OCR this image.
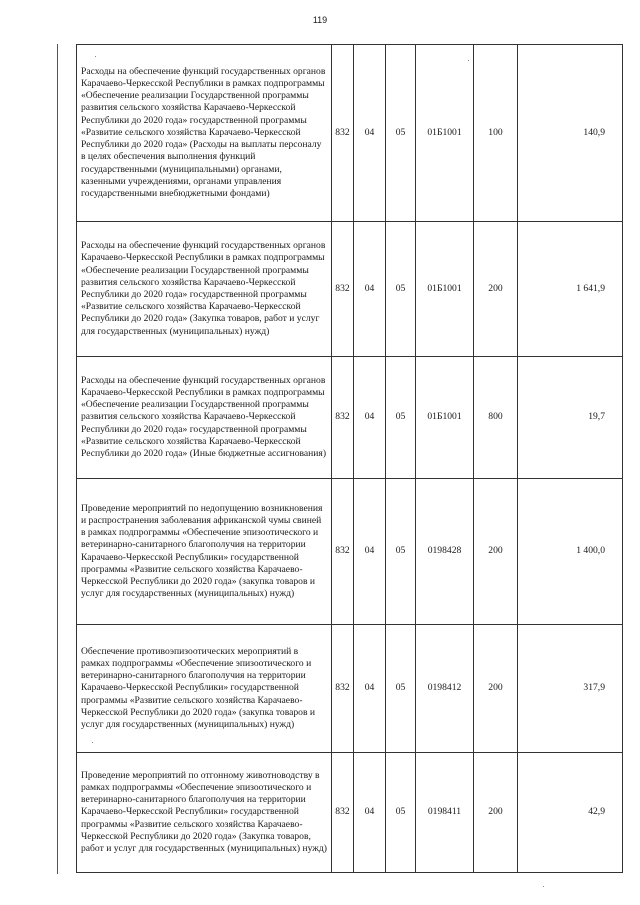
119
Расходы на обеспечение функций государственных органов Карачаево-Черкесской Республики в рамках подпрограммы «Обеспечение реализации Государственной программы развития сельского хозяйства Карачаево-Черкесской Республики до 2020 года» государственной программы «Развитие сельского хозяйства Карачаево-Черкесской Республики до 2020 года» (Расходы на выплаты персоналу в целях обеспечения выполнения функций государственными (муниципальными) органами, казенными учреждениями, органами управления государственными внебюджетными фондами)	832	04	05	01Б1001	100	140,9
Расходы на обеспечение функций государственных органов Карачаево-Черкесской Республики в рамках подпрограммы «Обеспечение реализации Государственной программы развития сельского хозяйства Карачаево-Черкесской Республики до 2020 года» государственной программы «Развитие сельского хозяйства Карачаево-Черкесской Республики до 2020 года» (Закупка товаров, работ и услуг для государственных (муниципальных) нужд)	832	04	05	01Б1001	200	1 641,9
Расходы на обеспечение функций государственных органов Карачаево-Черкесской Республики в рамках подпрограммы «Обеспечение реализации Государственной программы развития сельского хозяйства Карачаево-Черкесской Республики до 2020 года» государственной программы «Развитие сельского хозяйства Карачаево-Черкесской Республики до 2020 года» (Иные бюджетные ассигнования)	832	04	05	01Б1001	800	19,7
Проведение мероприятий по недопущению возникновения и распространения заболевания африканской чумы свиней в рамках подпрограммы «Обеспечение эпизоотического и ветеринарно-санитарного благополучия на территории Карачаево-Черкесской Республики» государственной программы «Развитие сельского хозяйства Карачаево-Черкесской Республики до 2020 года» (закупка товаров и услуг для государственных (муниципальных) нужд)	832	04	05	0198428	200	1 400,0
Обеспечение противоэпизоотических мероприятий в рамках подпрограммы «Обеспечение эпизоотического и ветеринарно-санитарного благополучия на территории Карачаево-Черкесской Республики» государственной программы «Развитие сельского хозяйства Карачаево-Черкесской Республики до 2020 года» (закупка товаров и услуг для государственных (муниципальных) нужд)	832	04	05	0198412	200	317,9
Проведение мероприятий по отгонному животноводству в рамках подпрограммы «Обеспечение эпизоотического и ветеринарно-санитарного благополучия на территории Карачаево-Черкесской Республики» государственной программы «Развитие сельского хозяйства Карачаево-Черкесской Республики до 2020 года» (Закупка товаров, работ и услуг для государственных (муниципальных) нужд)	832	04	05	0198411	200	42,9
